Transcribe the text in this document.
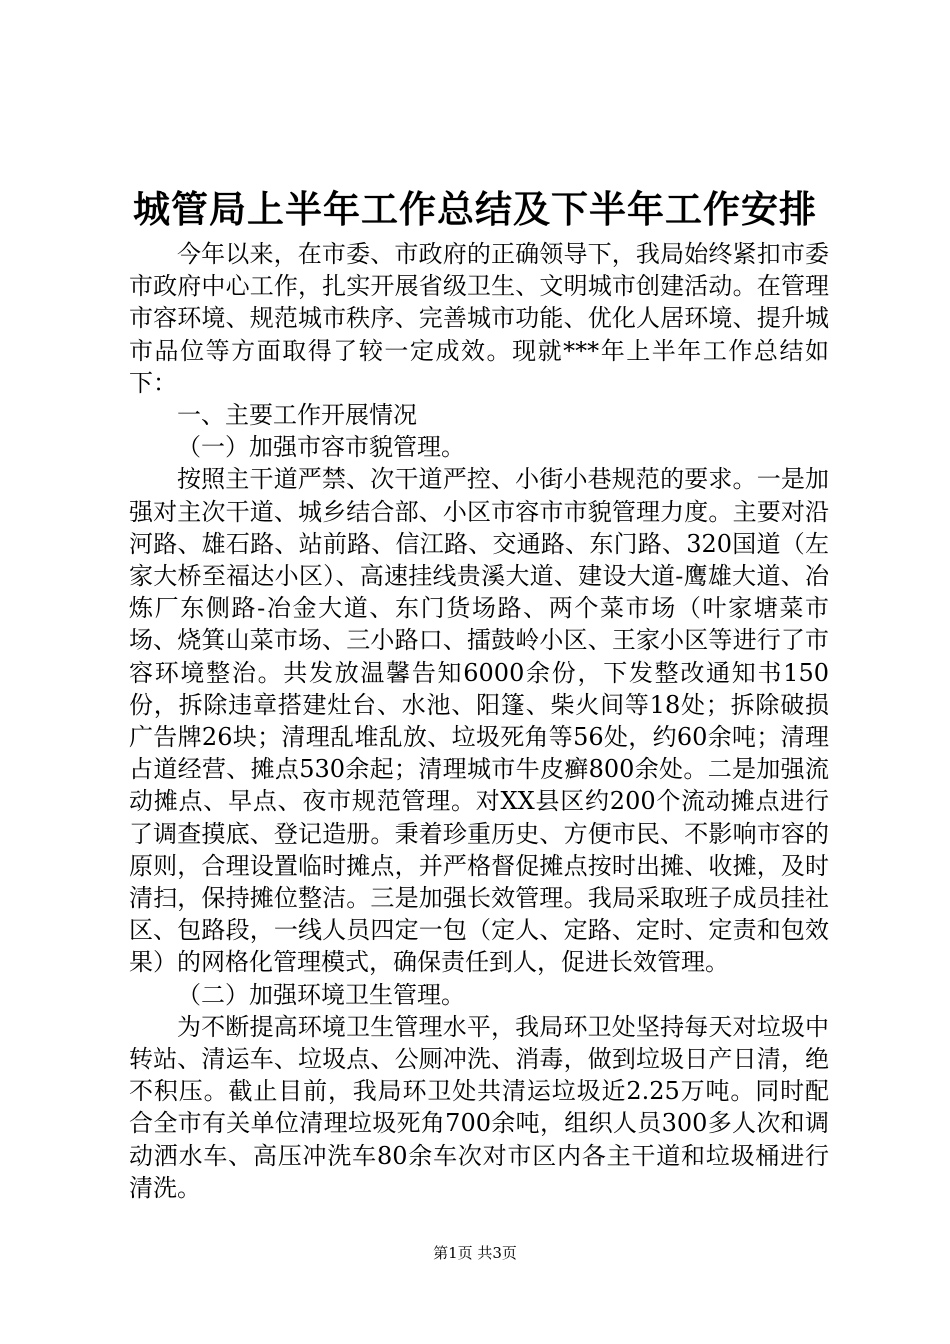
城管局上半年工作总结及下半年工作安排

今年以来，在市委、市政府的正确领导下，我局始终紧扣市委市政府中心工作，扎实开展省级卫生、文明城市创建活动。在管理市容环境、规范城市秩序、完善城市功能、优化人居环境、提升城市品位等方面取得了较一定成效。现就***年上半年工作总结如下：

一、主要工作开展情况

（一）加强市容市貌管理。

按照主干道严禁、次干道严控、小街小巷规范的要求。一是加强对主次干道、城乡结合部、小区市容市市貌管理力度。主要对沿河路、雄石路、站前路、信江路、交通路、东门路、320国道（左家大桥至福达小区）、高速挂线贵溪大道、建设大道-鹰雄大道、冶炼厂东侧路-冶金大道、东门货场路、两个菜市场（叶家塘菜市场、烧箕山菜市场、三小路口、擂鼓岭小区、王家小区等进行了市容环境整治。共发放温馨告知6000余份，下发整改通知书150份，拆除违章搭建灶台、水池、阳篷、柴火间等18处；拆除破损广告牌26块；清理乱堆乱放、垃圾死角等56处，约60余吨；清理占道经营、摊点530余起；清理城市牛皮癣800余处。二是加强流动摊点、早点、夜市规范管理。对XX县区约200个流动摊点进行了调查摸底、登记造册。秉着珍重历史、方便市民、不影响市容的原则，合理设置临时摊点，并严格督促摊点按时出摊、收摊，及时清扫，保持摊位整洁。三是加强长效管理。我局采取班子成员挂社区、包路段，一线人员四定一包（定人、定路、定时、定责和包效果）的网格化管理模式，确保责任到人，促进长效管理。

（二）加强环境卫生管理。

为不断提高环境卫生管理水平，我局环卫处坚持每天对垃圾中转站、清运车、垃圾点、公厕冲洗、消毒，做到垃圾日产日清，绝不积压。截止目前，我局环卫处共清运垃圾近2.25万吨。同时配合全市有关单位清理垃圾死角700余吨，组织人员300多人次和调动洒水车、高压冲洗车80余车次对市区内各主干道和垃圾桶进行清洗。

第1页 共3页
